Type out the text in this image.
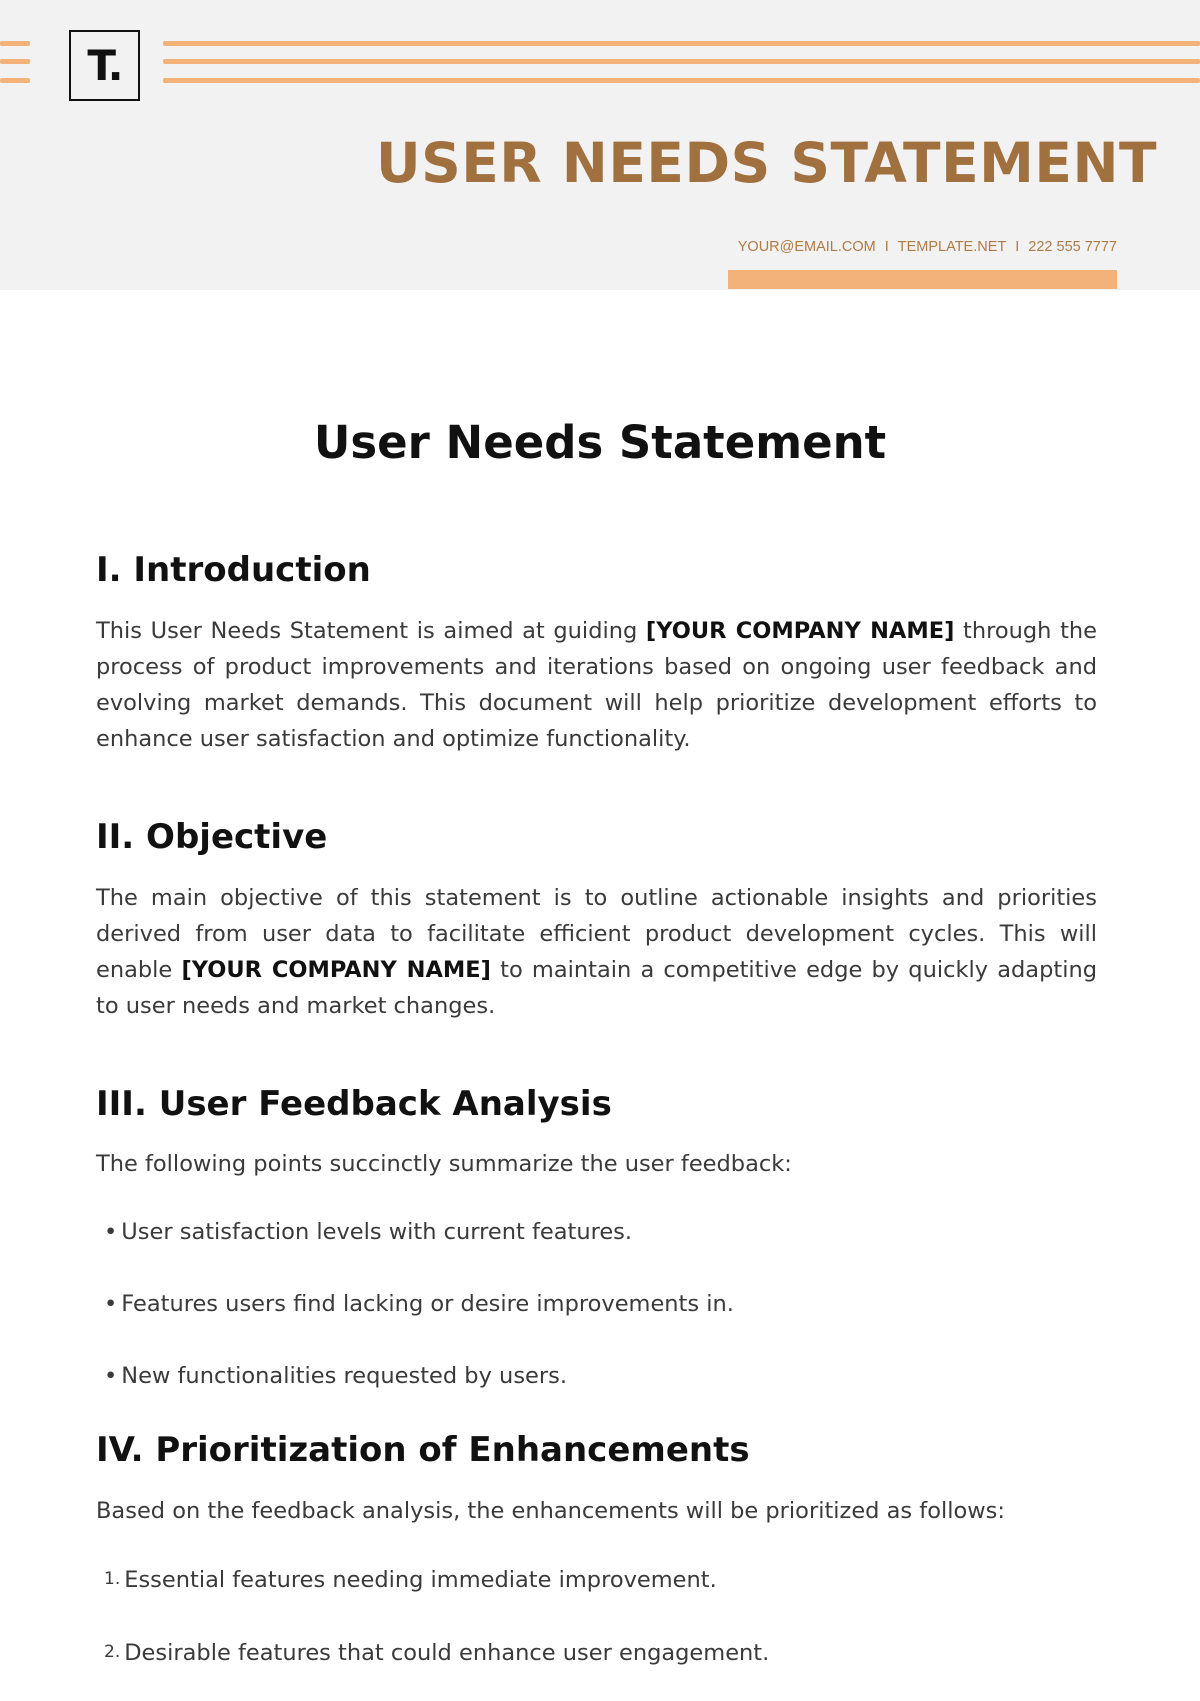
T.
USER NEEDS STATEMENT
YOUR@EMAIL.COM I TEMPLATE.NET I 222 555 7777
User Needs Statement
I. Introduction

This User Needs Statement is aimed at guiding [YOUR COMPANY NAME] through the process of product improvements and iterations based on ongoing user feedback and evolving market demands. This document will help prioritize development efforts to enhance user satisfaction and optimize functionality.

II. Objective

The main objective of this statement is to outline actionable insights and priorities derived from user data to facilitate efficient product development cycles. This will enable [YOUR COMPANY NAME] to maintain a competitive edge by quickly adapting to user needs and market changes.

III. User Feedback Analysis

The following points succinctly summarize the user feedback:

• User satisfaction levels with current features.
• Features users find lacking or desire improvements in.
• New functionalities requested by users.
IV. Prioritization of Enhancements

Based on the feedback analysis, the enhancements will be prioritized as follows:

1. Essential features needing immediate improvement.
2. Desirable features that could enhance user engagement.
